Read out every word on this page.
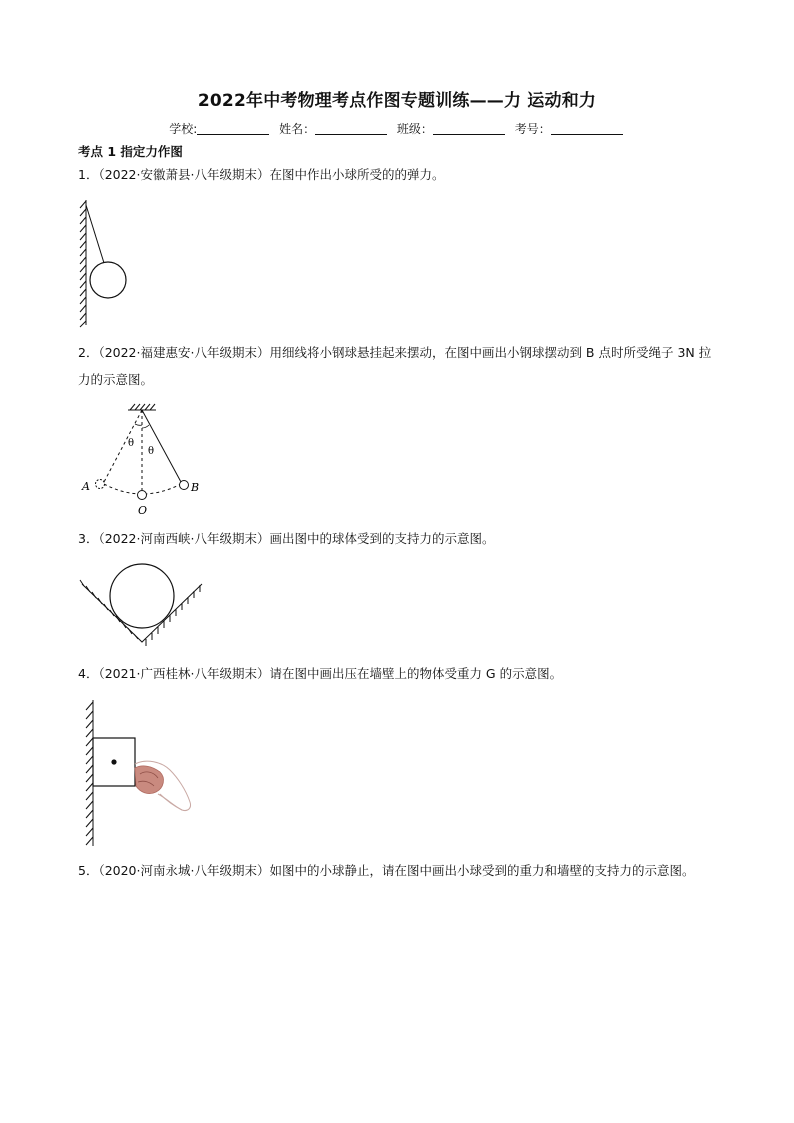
2022年中考物理考点作图专题训练——力 运动和力
学校:	姓名：	班级：	考号：
考点 1 指定力作图
1．（2022·安徽萧县·八年级期末）在图中作出小球所受的的弹力。
2．（2022·福建惠安·八年级期末）用细线将小钢球悬挂起来摆动，在图中画出小钢球摆动到 B 点时所受绳子 3N 拉力的示意图。
θ
θ
A	B
O
3．（2022·河南西峡·八年级期末）画出图中的球体受到的支持力的示意图。
4．（2021·广西桂林·八年级期末）请在图中画出压在墙壁上的物体受重力 G 的示意图。
5．（2020·河南永城·八年级期末）如图中的小球静止，请在图中画出小球受到的重力和墙壁的支持力的示意图。
